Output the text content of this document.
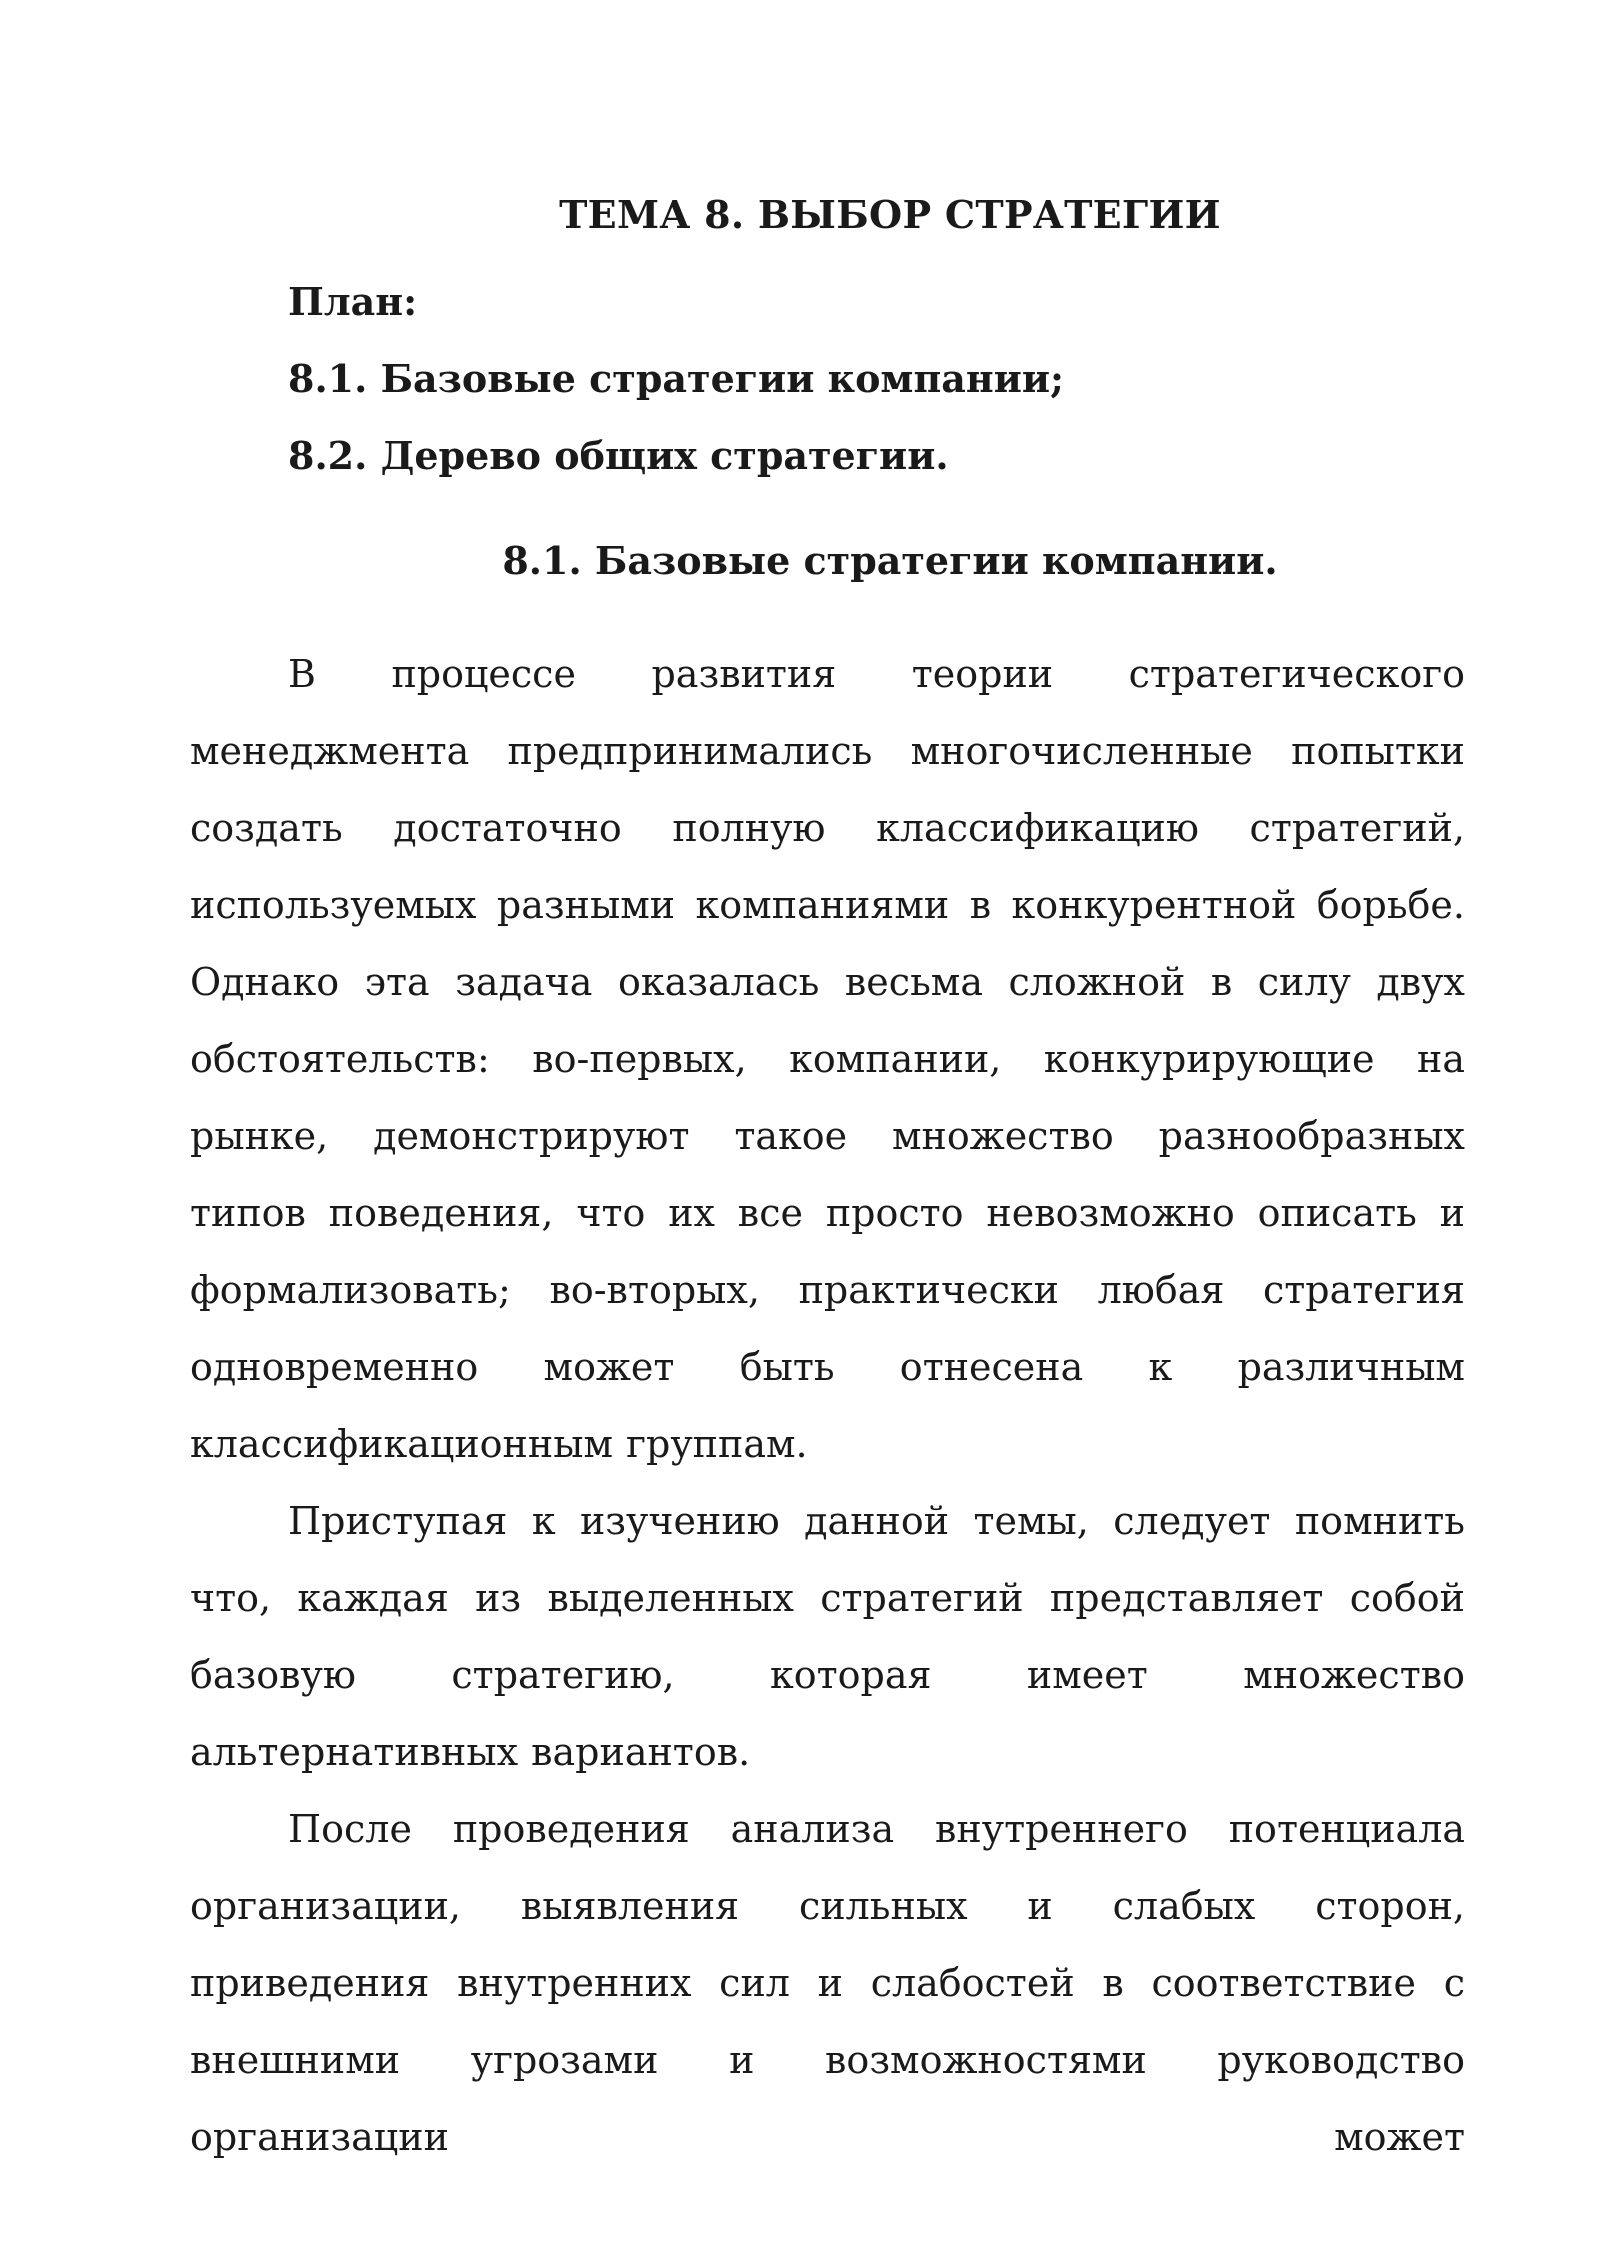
ТЕМА 8. ВЫБОР СТРАТЕГИИ
План:
8.1. Базовые стратегии компании;
8.2. Дерево общих стратегии.
8.1. Базовые стратегии компании.

В процессе развития теории стратегического менеджмента предпринимались многочисленные попытки создать достаточно полную классификацию стратегий, используемых разными компаниями в конкурентной борьбе. Однако эта задача оказалась весьма сложной в силу двух обстоятельств: во-первых, компании, конкурирующие на рынке, демонстрируют такое множество разнообразных типов поведения, что их все просто невозможно описать и формализовать; во-вторых, практически любая стратегия одновременно может быть отнесена к различным классификационным группам.

Приступая к изучению данной темы, следует помнить что, каждая из выделенных стратегий представляет собой базовую стратегию, которая имеет множество альтернативных вариантов.

После проведения анализа внутреннего потенциала организации, выявления сильных и слабых сторон, приведения внутренних сил и слабостей в соответствие с внешними угрозами и возможностями руководство организации может
